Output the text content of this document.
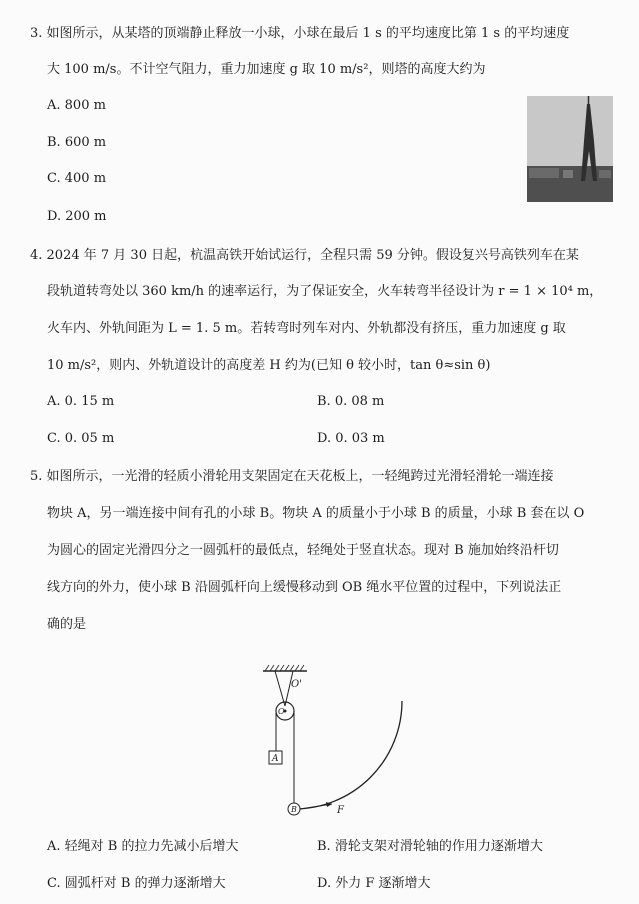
3. 如图所示，从某塔的顶端静止释放一小球，小球在最后 1 s 的平均速度比第 1 s 的平均速度
大 100 m/s。不计空气阻力，重力加速度 g 取 10 m/s²，则塔的高度大约为
A. 800 m
B. 600 m
C. 400 m
D. 200 m
4. 2024 年 7 月 30 日起，杭温高铁开始试运行，全程只需 59 分钟。假设复兴号高铁列车在某
段轨道转弯处以 360 km/h 的速率运行，为了保证安全，火车转弯半径设计为 r = 1 × 10⁴ m，
火车内、外轨间距为 L = 1. 5 m。若转弯时列车对内、外轨都没有挤压，重力加速度 g 取
10 m/s²，则内、外轨道设计的高度差 H 约为(已知 θ 较小时，tan θ≈sin θ)
A. 0. 15 m	B. 0. 08 m
C. 0. 05 m	D. 0. 03 m
5. 如图所示，一光滑的轻质小滑轮用支架固定在天花板上，一轻绳跨过光滑轻滑轮一端连接
物块 A，另一端连接中间有孔的小球 B。物块 A 的质量小于小球 B 的质量，小球 B 套在以 O
为圆心的固定光滑四分之一圆弧杆的最低点，轻绳处于竖直状态。现对 B 施加始终沿杆切
线方向的外力，使小球 B 沿圆弧杆向上缓慢移动到 OB 绳水平位置的过程中，下列说法正
确的是
O'
O
A
B	F
A. 轻绳对 B 的拉力先减小后增大	B. 滑轮支架对滑轮轴的作用力逐渐增大
C. 圆弧杆对 B 的弹力逐渐增大	D. 外力 F 逐渐增大
